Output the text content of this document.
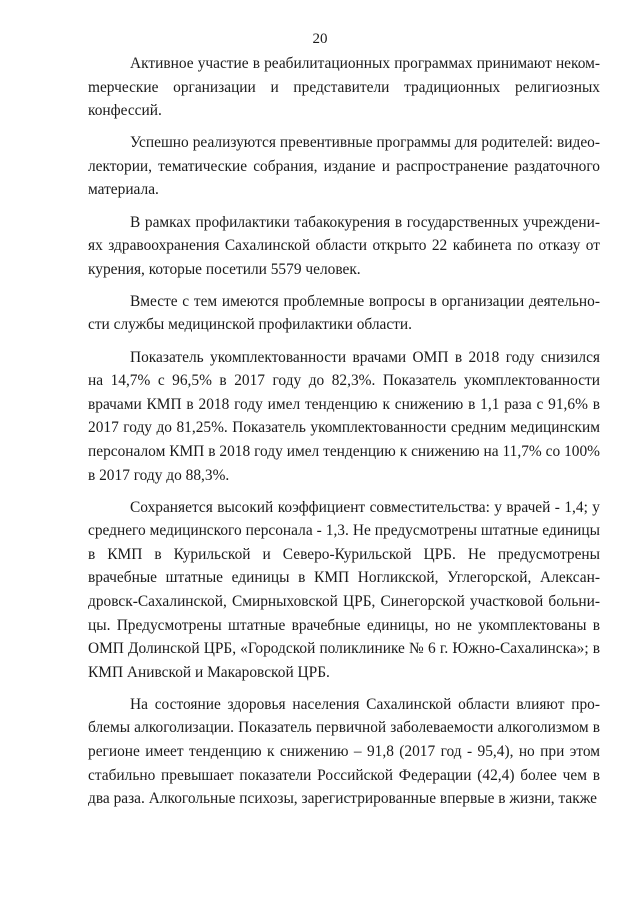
20

Активное участие в реабилитационных программах принимают некомmерческие организации и представители традиционных религиозных конфессий.

Успешно реализуются превентивные программы для родителей: видеолектории, тематические собрания, издание и распространение раздаточного материала.

В рамках профилактики табакокурения в государственных учреждениях здравоохранения Сахалинской области открыто 22 кабинета по отказу от курения, которые посетили 5579 человек.

Вместе с тем имеются проблемные вопросы в организации деятельности службы медицинской профилактики области.

Показатель укомплектованности врачами ОМП в 2018 году снизился на 14,7% с 96,5% в 2017 году до 82,3%. Показатель укомплектованности врачами КМП в 2018 году имел тенденцию к снижению в 1,1 раза с 91,6% в 2017 году до 81,25%. Показатель укомплектованности средним медицинским персоналом КМП в 2018 году имел тенденцию к снижению на 11,7% со 100% в 2017 году до 88,3%.

Сохраняется высокий коэффициент совместительства: у врачей - 1,4; у среднего медицинского персонала - 1,3. Не предусмотрены штатные единицы в КМП в Курильской и Северо-Курильской ЦРБ. Не предусмотрены врачебные штатные единицы в КМП Ногликской, Углегорской, Александровск-Сахалинской, Смирныховской ЦРБ, Синегорской участковой больницы. Предусмотрены штатные врачебные единицы, но не укомплектованы в ОМП Долинской ЦРБ, «Городской поликлинике № 6 г. Южно-Сахалинска»; в КМП Анивской и Макаровской ЦРБ.

На состояние здоровья населения Сахалинской области влияют проблемы алкоголизации. Показатель первичной заболеваемости алкоголизмом в регионе имеет тенденцию к снижению – 91,8 (2017 год - 95,4), но при этом стабильно превышает показатели Российской Федерации (42,4) более чем в два раза. Алкогольные психозы, зарегистрированные впервые в жизни, также
